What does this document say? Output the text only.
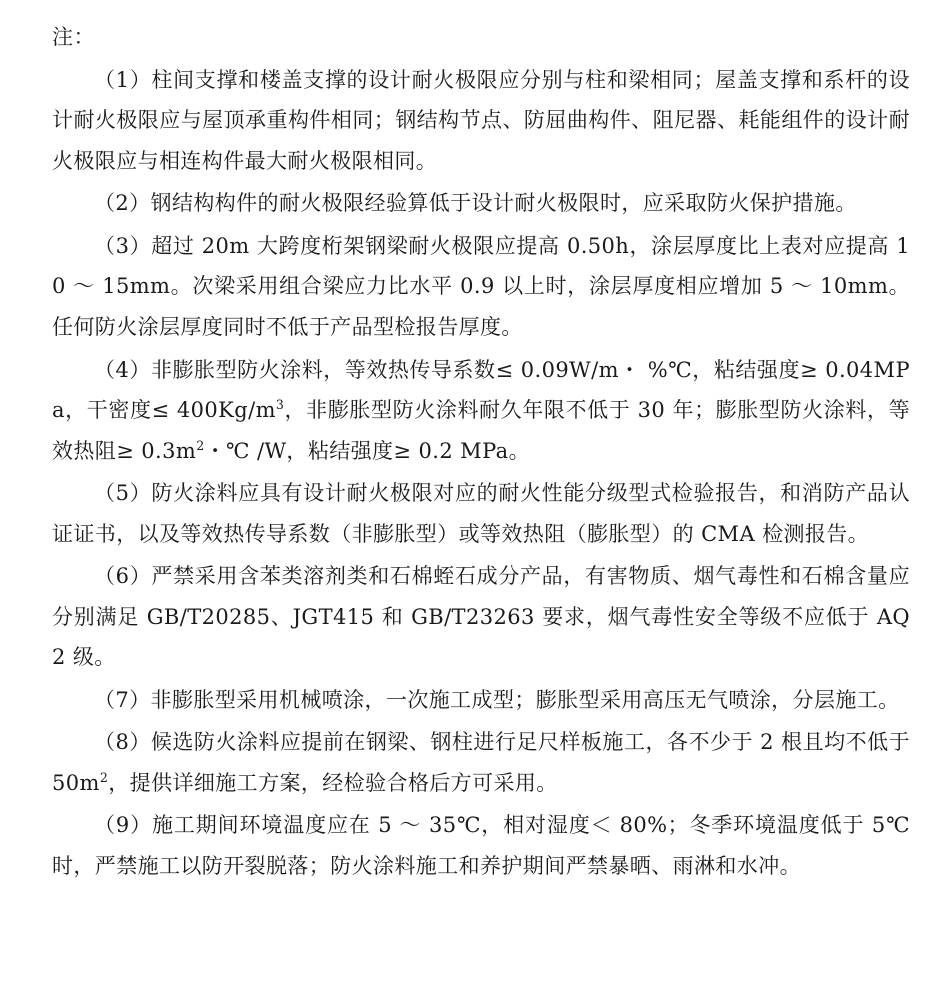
注：

（1）柱间支撑和楼盖支撑的设计耐火极限应分别与柱和梁相同；屋盖支撑和系杆的设计耐火极限应与屋顶承重构件相同；钢结构节点、防屈曲构件、阻尼器、耗能组件的设计耐火极限应与相连构件最大耐火极限相同。

（2）钢结构构件的耐火极限经验算低于设计耐火极限时，应采取防火保护措施。

（3）超过 20m 大跨度桁架钢梁耐火极限应提高 0.50h，涂层厚度比上表对应提高 10 ～ 15mm。次梁采用组合梁应力比水平 0.9 以上时，涂层厚度相应增加 5 ～ 10mm。任何防火涂层厚度同时不低于产品型检报告厚度。

（4）非膨胀型防火涂料，等效热传导系数≤ 0.09W/m・ %℃，粘结强度≥ 0.04MPa，干密度≤ $400Kg/m^3$，非膨胀型防火涂料耐久年限不低于 30 年；膨胀型防火涂料，等效热阻≥ $0.3m^2$・℃ /W，粘结强度≥ 0.2 MPa。

（5）防火涂料应具有设计耐火极限对应的耐火性能分级型式检验报告，和消防产品认证证书，以及等效热传导系数（非膨胀型）或等效热阻（膨胀型）的 CMA 检测报告。

（6）严禁采用含苯类溶剂类和石棉蛭石成分产品，有害物质、烟气毒性和石棉含量应分别满足 GB/T20285、JGT415 和 GB/T23263 要求，烟气毒性安全等级不应低于 AQ2 级。

（7）非膨胀型采用机械喷涂，一次施工成型；膨胀型采用高压无气喷涂，分层施工。

（8）候选防火涂料应提前在钢梁、钢柱进行足尺样板施工，各不少于 2 根且均不低于 $50m^2$，提供详细施工方案，经检验合格后方可采用。

（9）施工期间环境温度应在 5 ～ 35℃，相对湿度＜ 80%；冬季环境温度低于 5℃时，严禁施工以防开裂脱落；防火涂料施工和养护期间严禁暴晒、雨淋和水冲。
